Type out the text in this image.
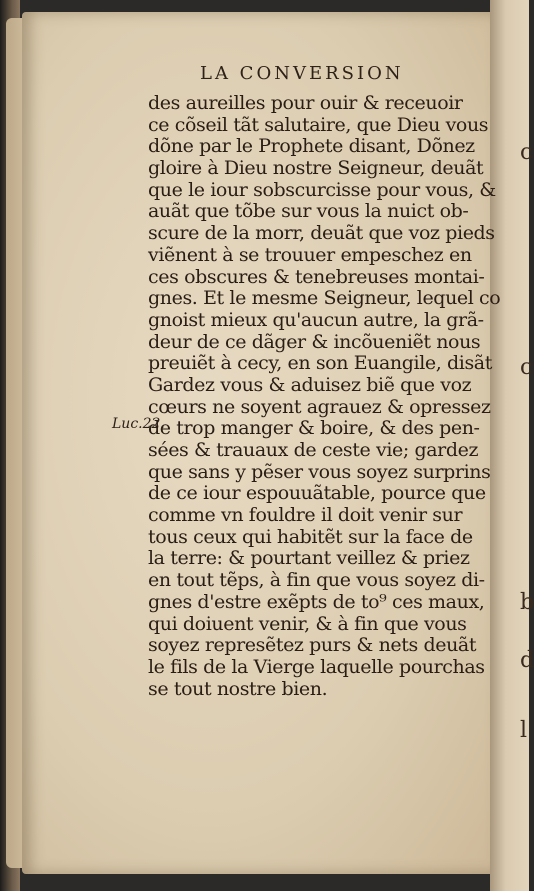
c
c
b
d
l
LA CONVERSION
Luc.22.
des aureilles pour ouir & receuoir
ce cõseil tãt salutaire, que Dieu vous
dõne par le Prophete disant, Dõnez
gloire à Dieu nostre Seigneur, deuãt
que le iour sobscurcisse pour vous, &
auãt que tõbe sur vous la nuict ob-
scure de la morr, deuãt que voz pieds
viẽnent à se trouuer empeschez en
ces obscures & tenebreuses montai-
gnes. Et le mesme Seigneur, lequel co
gnoist mieux qu'aucun autre, la grã-
deur de ce dãger & incõueniẽt nous
preuiẽt à cecy, en son Euangile, disãt
Gardez vous & aduisez biẽ que voz
cœurs ne soyent agrauez & opressez
de trop manger & boire, & des pen-
sées & trauaux de ceste vie; gardez
que sans y pẽser vous soyez surprins
de ce iour espouuãtable, pource que
comme vn fouldre il doit venir sur
tous ceux qui habitẽt sur la face de
la terre: & pourtant veillez & priez
en tout tẽps, à fin que vous soyez di-
gnes d'estre exẽpts de to⁹ ces maux,
qui doiuent venir, & à fin que vous
soyez represẽtez purs & nets deuãt
le fils de la Vierge laquelle pourchas
se tout nostre bien.
